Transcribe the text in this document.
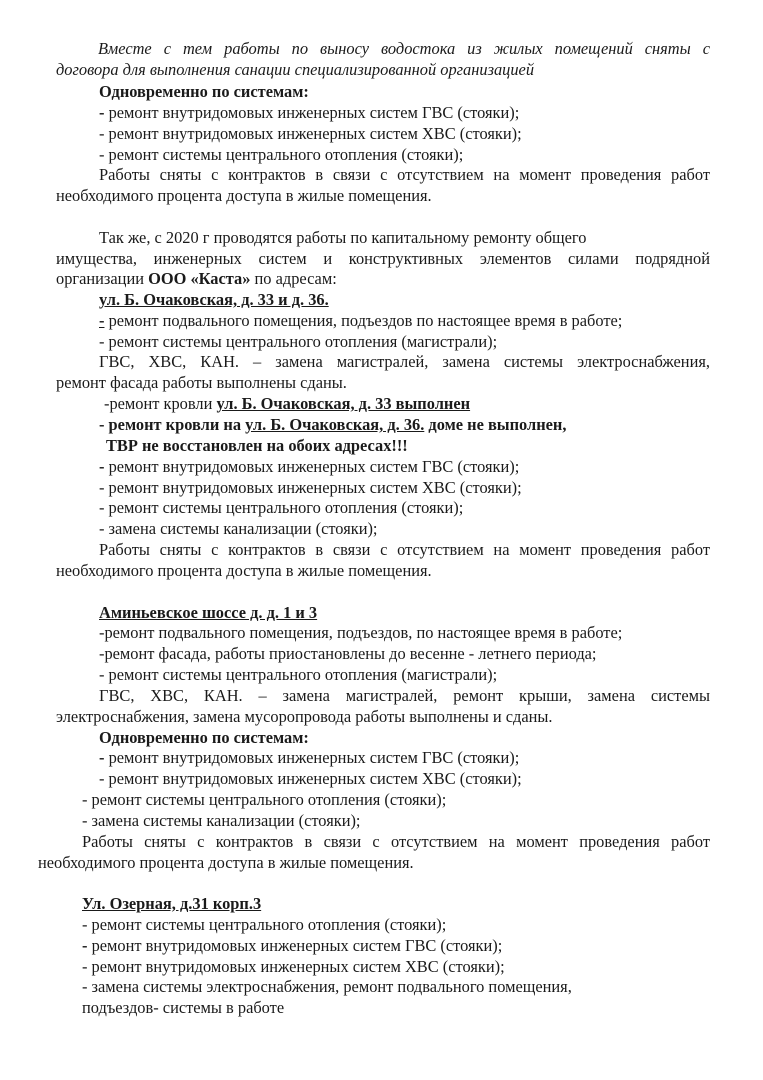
Вместе с тем работы по выносу водостока из жилых помещений сняты с
договора для выполнения санации специализированной организацией
Одновременно по системам:
- ремонт внутридомовых инженерных систем ГВС (стояки);
- ремонт внутридомовых инженерных систем ХВС (стояки);
- ремонт системы центрального отопления (стояки);
Работы сняты с контрактов в связи с отсутствием на момент проведения работ
необходимого процента доступа в жилые помещения.
Так же, с 2020 г проводятся работы по капитальному ремонту общего
имущества, инженерных систем и конструктивных элементов силами подрядной
организации ООО «Каста» по адресам:
ул. Б. Очаковская, д. 33 и д. 36.
- ремонт подвального помещения, подъездов по настоящее время в работе;
- ремонт системы центрального отопления (магистрали);
ГВС, ХВС, КАН. – замена магистралей, замена системы электроснабжения,
ремонт фасада работы выполнены сданы.
-ремонт кровли ул. Б. Очаковская, д. 33 выполнен
- ремонт кровли на ул. Б. Очаковская, д. 36. доме не выполнен,
ТВР не восстановлен на обоих адресах!!!
- ремонт внутридомовых инженерных систем ГВС (стояки);
- ремонт внутридомовых инженерных систем ХВС (стояки);
- ремонт системы центрального отопления (стояки);
- замена системы канализации (стояки);
Работы сняты с контрактов в связи с отсутствием на момент проведения работ
необходимого процента доступа в жилые помещения.
Аминьевское шоссе д. д. 1 и 3
-ремонт подвального помещения, подъездов, по настоящее время в работе;
-ремонт фасада, работы приостановлены до весенне - летнего периода;
- ремонт системы центрального отопления (магистрали);
ГВС, ХВС, КАН. – замена магистралей, ремонт крыши, замена системы
электроснабжения, замена мусоропровода работы выполнены и сданы.
Одновременно по системам:
- ремонт внутридомовых инженерных систем ГВС (стояки);
- ремонт внутридомовых инженерных систем ХВС (стояки);
- ремонт системы центрального отопления (стояки);
- замена системы канализации (стояки);
Работы сняты с контрактов в связи с отсутствием на момент проведения работ
необходимого процента доступа в жилые помещения.
Ул. Озерная, д.31 корп.3
- ремонт системы центрального отопления (стояки);
- ремонт внутридомовых инженерных систем ГВС (стояки);
- ремонт внутридомовых инженерных систем ХВС (стояки);
- замена системы электроснабжения, ремонт подвального помещения,
подъездов- системы в работе
